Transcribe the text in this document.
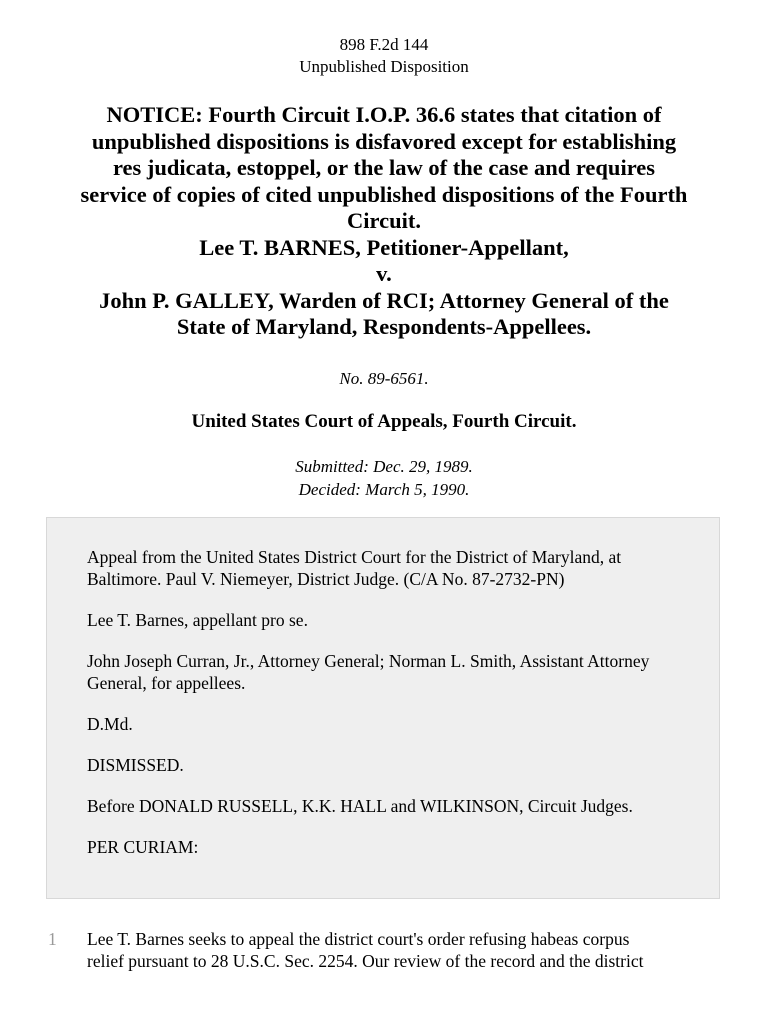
898 F.2d 144
Unpublished Disposition
NOTICE: Fourth Circuit I.O.P. 36.6 states that citation of
unpublished dispositions is disfavored except for establishing
res judicata, estoppel, or the law of the case and requires
service of copies of cited unpublished dispositions of the Fourth
Circuit.
Lee T. BARNES, Petitioner-Appellant,
v.
John P. GALLEY, Warden of RCI; Attorney General of the
State of Maryland, Respondents-Appellees.
No. 89-6561.
United States Court of Appeals, Fourth Circuit.
Submitted: Dec. 29, 1989.
Decided: March 5, 1990.

Appeal from the United States District Court for the District of Maryland, at Baltimore. Paul V. Niemeyer, District Judge. (C/A No. 87-2732-PN)

Lee T. Barnes, appellant pro se.

John Joseph Curran, Jr., Attorney General; Norman L. Smith, Assistant Attorney General, for appellees.

D.Md.

DISMISSED.

Before DONALD RUSSELL, K.K. HALL and WILKINSON, Circuit Judges.

PER CURIAM:

1 Lee T. Barnes seeks to appeal the district court's order refusing habeas corpus
relief pursuant to 28 U.S.C. Sec. 2254. Our review of the record and the district
